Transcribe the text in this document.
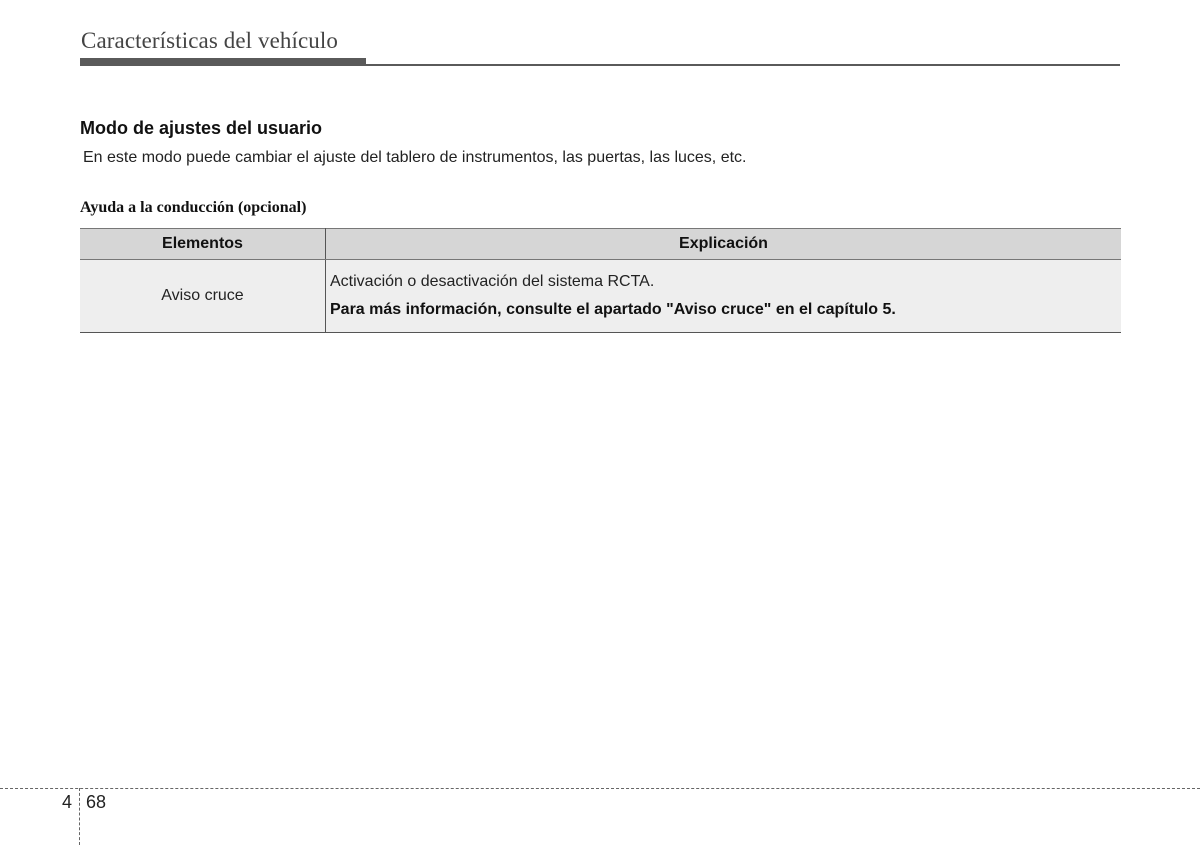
Características del vehículo
Modo de ajustes del usuario
En este modo puede cambiar el ajuste del tablero de instrumentos, las puertas, las luces, etc.
Ayuda a la conducción (opcional)
Elementos	Explicación
Aviso cruce	Activación o desactivación del sistema RCTA.
Para más información, consulte el apartado "Aviso cruce" en el capítulo 5.
4 68
